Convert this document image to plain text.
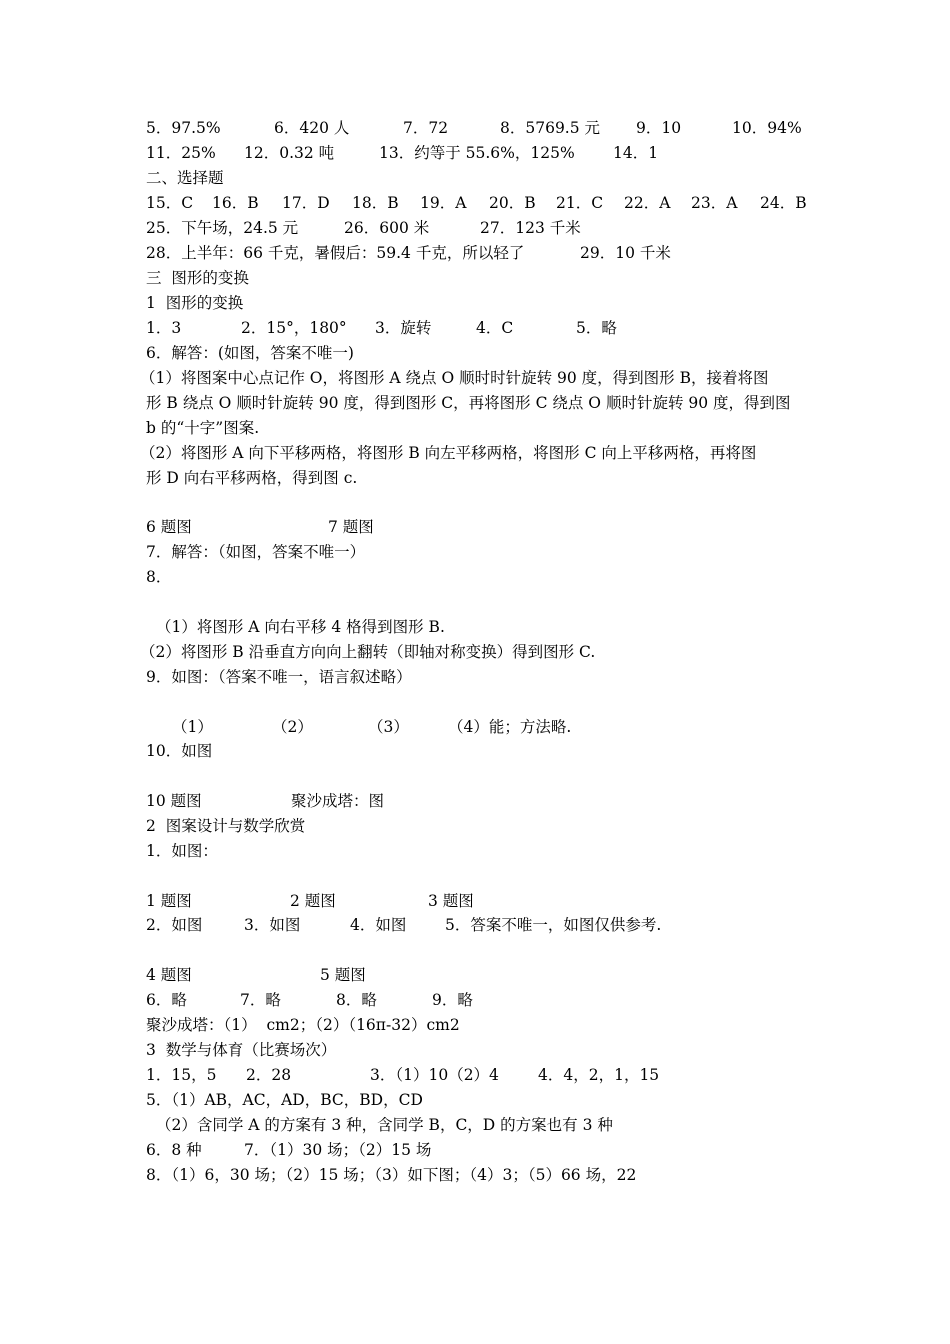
5．97.5%

	6．420 人

	7．72

	8．5769.5 元

9．10

	10．94%

11．25%

12．0.32 吨

	13．约等于 55.6%，125%

14．1

二、选择题

15．C

16．B

17．D

18．B

19．A

20．B

21．C

22．A

23．A

24．B

25．下午场，24.5 元

	26．600 米

	27．123 千米

28．上半年：66 千克，暑假后：59.4 千克，所以轻了

	29．10 千米

三  图形的变换

1  图形的变换

1．3

	2．15°，180°

3．旋转

	4．C

	5．略

6．解答：(如图，答案不唯一)

（1）将图案中心点记作 O，将图形 A 绕点 O 顺时时针旋转 90 度，得到图形 B，接着将图

形 B 绕点 O 顺时针旋转 90 度，得到图形 C，再将图形 C 绕点 O 顺时针旋转 90 度，得到图

b 的“十字”图案.

（2）将图形 A 向下平移两格，将图形 B 向左平移两格，将图形 C 向上平移两格，再将图

形 D 向右平移两格，得到图 c.

6 题图

	7 题图

7．解答：（如图，答案不唯一）

8．

（1）将图形 A 向右平移 4 格得到图形 B.

（2）将图形 B 沿垂直方向向上翻转（即轴对称变换）得到图形 C.

9．如图：（答案不唯一，语言叙述略）

（1）

	（2）

	（3）

	（4）能；方法略.

10．如图

10 题图

	聚沙成塔：图

2  图案设计与数学欣赏

1．如图：

1 题图

	2 题图

	3 题图

2．如图

	3．如图

	4．如图

5．答案不唯一，如图仅供参考.

4 题图

	5 题图

6．略

	7．略

	8．略

	9．略

聚沙成塔：（1）  cm2；（2）（16π-32）cm2

3  数学与体育（比赛场次）

1．15，5

2．28

	3．（1）10（2）4

	4．4，2，1，15

5．（1）AB，AC，AD，BC，BD，CD

（2）含同学 A 的方案有 3 种，含同学 B，C，D 的方案也有 3 种

6．8 种

	7．（1）30 场；（2）15 场

8．（1）6，30 场；（2）15 场；（3）如下图；（4）3；（5）66 场，22
